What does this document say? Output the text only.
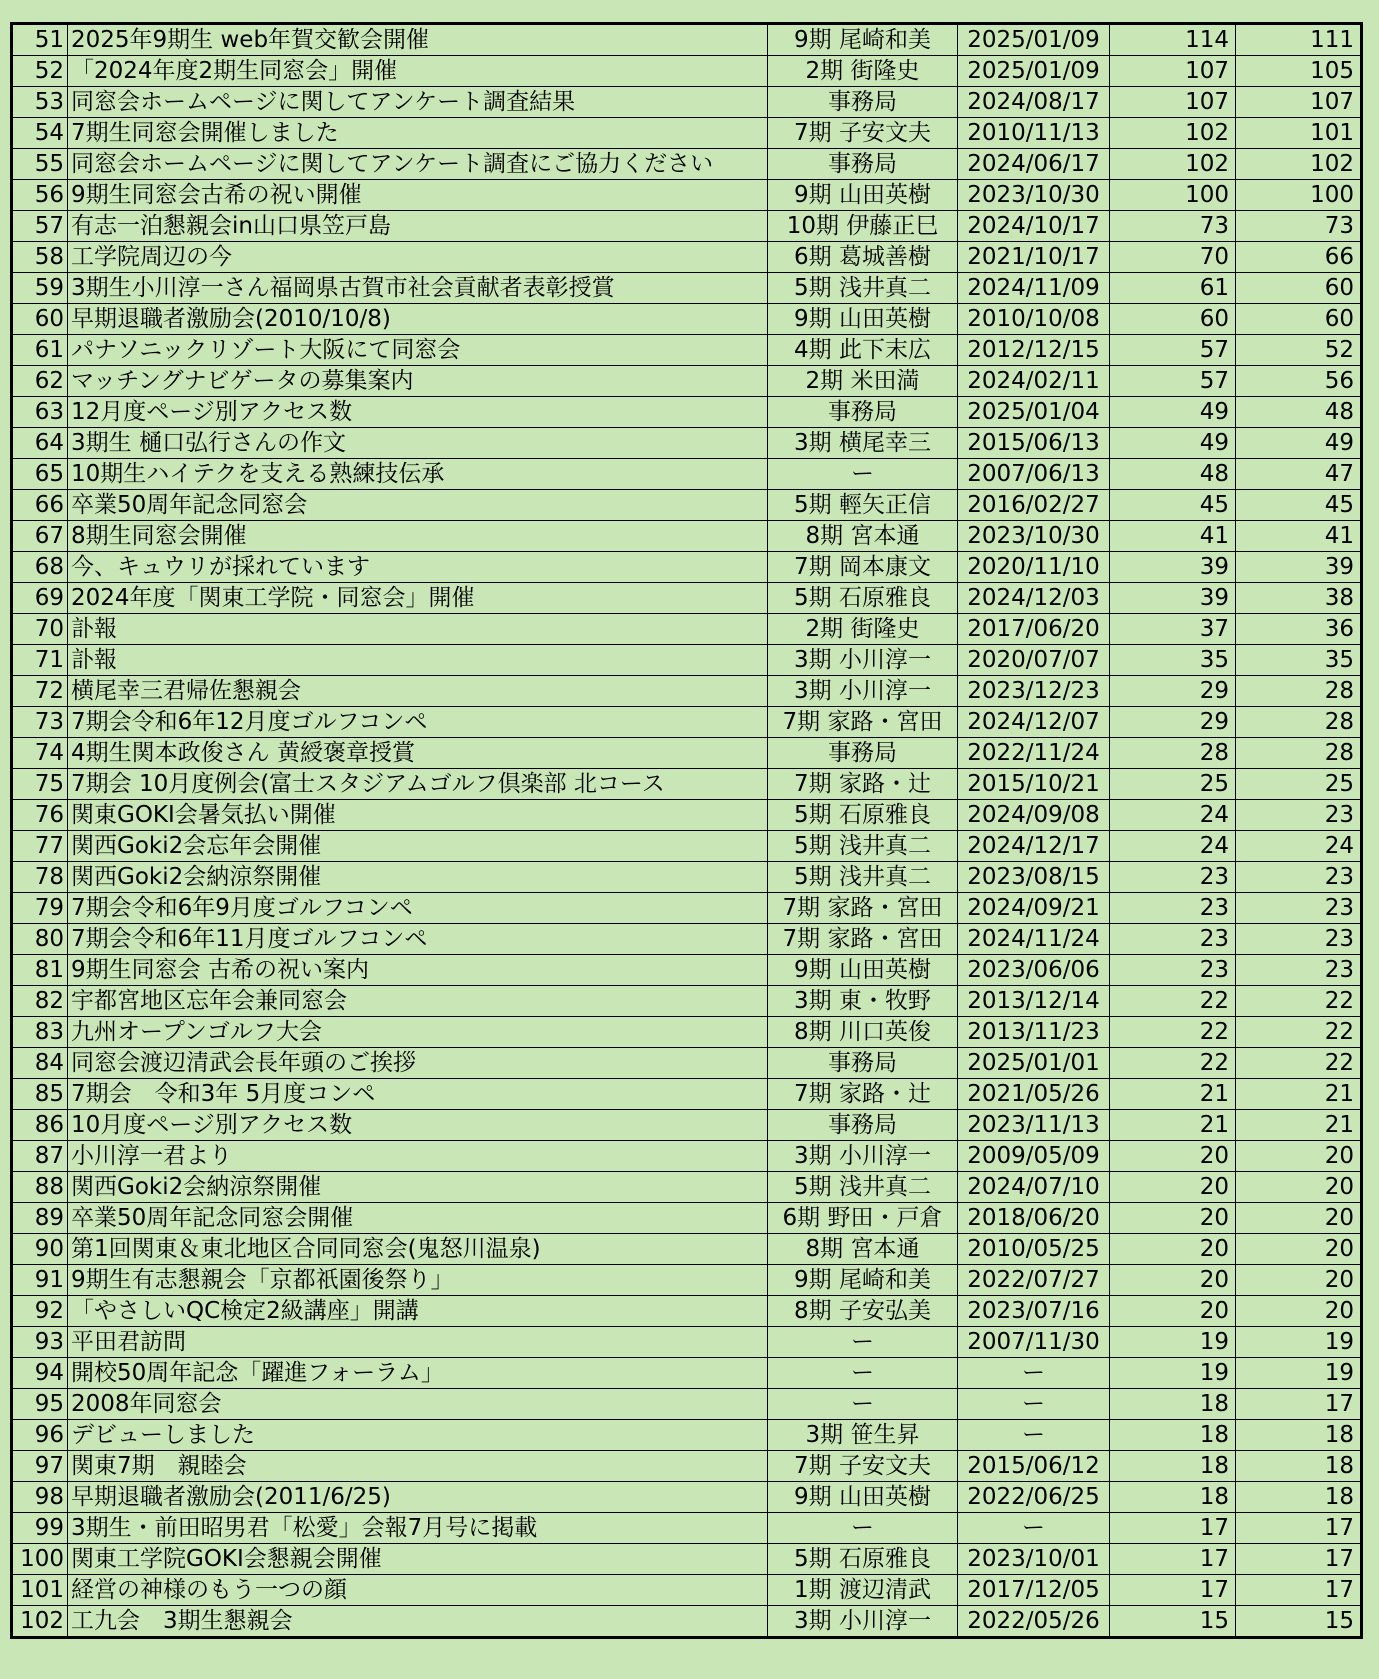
51	2025年9期生 web年賀交歓会開催	9期 尾崎和美	2025/01/09	114	111
52	「2024年度2期生同窓会」開催	2期 街隆史	2025/01/09	107	105
53	同窓会ホームページに関してアンケート調査結果	事務局	2024/08/17	107	107
54	7期生同窓会開催しました	7期 子安文夫	2010/11/13	102	101
55	同窓会ホームページに関してアンケート調査にご協力ください	事務局	2024/06/17	102	102
56	9期生同窓会古希の祝い開催	9期 山田英樹	2023/10/30	100	100
57	有志一泊懇親会in山口県笠戸島	10期 伊藤正巳	2024/10/17	73	73
58	工学院周辺の今	6期 葛城善樹	2021/10/17	70	66
59	3期生小川淳一さん福岡県古賀市社会貢献者表彰授賞	5期 浅井真二	2024/11/09	61	60
60	早期退職者激励会(2010/10/8)	9期 山田英樹	2010/10/08	60	60
61	パナソニックリゾート大阪にて同窓会	4期 此下末広	2012/12/15	57	52
62	マッチングナビゲータの募集案内	2期 米田満	2024/02/11	57	56
63	12月度ページ別アクセス数	事務局	2025/01/04	49	48
64	3期生 樋口弘行さんの作文	3期 横尾幸三	2015/06/13	49	49
65	10期生ハイテクを支える熟練技伝承	ー	2007/06/13	48	47
66	卒業50周年記念同窓会	5期 輕矢正信	2016/02/27	45	45
67	8期生同窓会開催	8期 宮本通	2023/10/30	41	41
68	今、キュウリが採れています	7期 岡本康文	2020/11/10	39	39
69	2024年度「関東工学院・同窓会」開催	5期 石原雅良	2024/12/03	39	38
70	訃報	2期 街隆史	2017/06/20	37	36
71	訃報	3期 小川淳一	2020/07/07	35	35
72	横尾幸三君帰佐懇親会	3期 小川淳一	2023/12/23	29	28
73	7期会令和6年12月度ゴルフコンペ	7期 家路・宮田	2024/12/07	29	28
74	4期生関本政俊さん 黄綬褒章授賞	事務局	2022/11/24	28	28
75	7期会 10月度例会(富士スタジアムゴルフ倶楽部 北コース	7期 家路・辻	2015/10/21	25	25
76	関東GOKI会暑気払い開催	5期 石原雅良	2024/09/08	24	23
77	関西Goki2会忘年会開催	5期 浅井真二	2024/12/17	24	24
78	関西Goki2会納涼祭開催	5期 浅井真二	2023/08/15	23	23
79	7期会令和6年9月度ゴルフコンペ	7期 家路・宮田	2024/09/21	23	23
80	7期会令和6年11月度ゴルフコンペ	7期 家路・宮田	2024/11/24	23	23
81	9期生同窓会 古希の祝い案内	9期 山田英樹	2023/06/06	23	23
82	宇都宮地区忘年会兼同窓会	3期 東・牧野	2013/12/14	22	22
83	九州オープンゴルフ大会	8期 川口英俊	2013/11/23	22	22
84	同窓会渡辺清武会長年頭のご挨拶	事務局	2025/01/01	22	22
85	7期会　令和3年 5月度コンペ	7期 家路・辻	2021/05/26	21	21
86	10月度ページ別アクセス数	事務局	2023/11/13	21	21
87	小川淳一君より	3期 小川淳一	2009/05/09	20	20
88	関西Goki2会納涼祭開催	5期 浅井真二	2024/07/10	20	20
89	卒業50周年記念同窓会開催	6期 野田・戸倉	2018/06/20	20	20
90	第1回関東＆東北地区合同同窓会(鬼怒川温泉)	8期 宮本通	2010/05/25	20	20
91	9期生有志懇親会「京都祇園後祭り」	9期 尾崎和美	2022/07/27	20	20
92	「やさしいQC検定2級講座」開講	8期 子安弘美	2023/07/16	20	20
93	平田君訪問	ー	2007/11/30	19	19
94	開校50周年記念「躍進フォーラム」	ー	ー	19	19
95	2008年同窓会	ー	ー	18	17
96	デビューしました	3期 笹生昇	ー	18	18
97	関東7期　親睦会	7期 子安文夫	2015/06/12	18	18
98	早期退職者激励会(2011/6/25)	9期 山田英樹	2022/06/25	18	18
99	3期生・前田昭男君「松愛」会報7月号に掲載	ー	ー	17	17
100	関東工学院GOKI会懇親会開催	5期 石原雅良	2023/10/01	17	17
101	経営の神様のもう一つの顔	1期 渡辺清武	2017/12/05	17	17
102	工九会　3期生懇親会	3期 小川淳一	2022/05/26	15	15
